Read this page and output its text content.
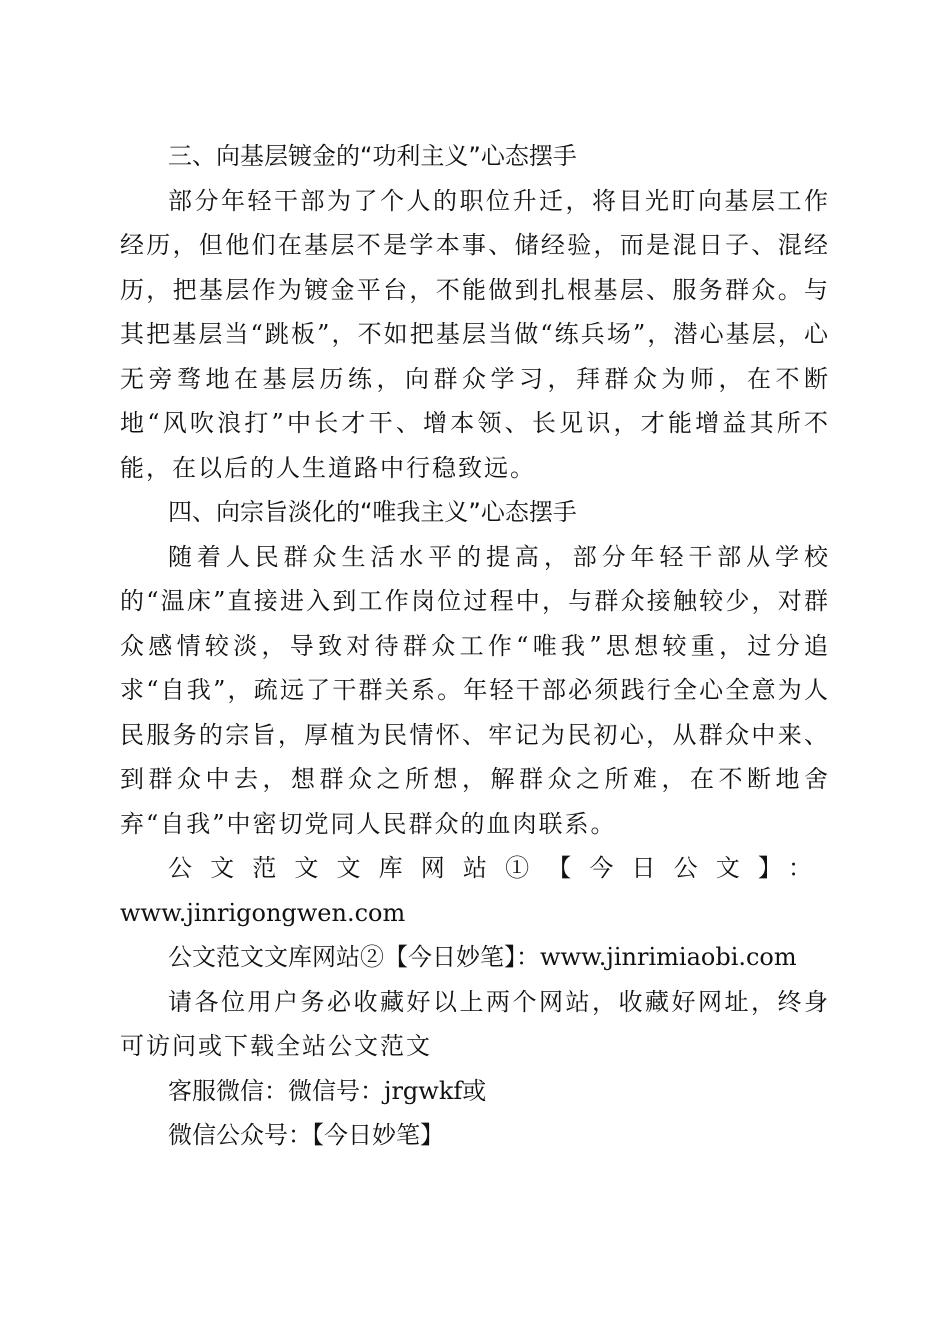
三、向基层镀金的“功利主义”心态摆手

部分年轻干部为了个人的职位升迁，将目光盯向基层工作经历，但他们在基层不是学本事、储经验，而是混日子、混经历，把基层作为镀金平台，不能做到扎根基层、服务群众。与其把基层当“跳板”，不如把基层当做“练兵场”，潜心基层，心无旁骛地在基层历练，向群众学习，拜群众为师，在不断地“风吹浪打”中长才干、增本领、长见识，才能增益其所不能，在以后的人生道路中行稳致远。

四、向宗旨淡化的“唯我主义”心态摆手

随着人民群众生活水平的提高，部分年轻干部从学校的“温床”直接进入到工作岗位过程中，与群众接触较少，对群众感情较淡，导致对待群众工作“唯我”思想较重，过分追求“自我”，疏远了干群关系。年轻干部必须践行全心全意为人民服务的宗旨，厚植为民情怀、牢记为民初心，从群众中来、到群众中去，想群众之所想，解群众之所难，在不断地舍弃“自我”中密切党同人民群众的血肉联系。

公文范文文库网站①【今日公文】：www.jinrigongwen.com

公文范文文库网站②【今日妙笔】：www.jinrimiaobi.com

请各位用户务必收藏好以上两个网站，收藏好网址，终身可访问或下载全站公文范文

客服微信：微信号：jrgwkf或

微信公众号：【今日妙笔】
